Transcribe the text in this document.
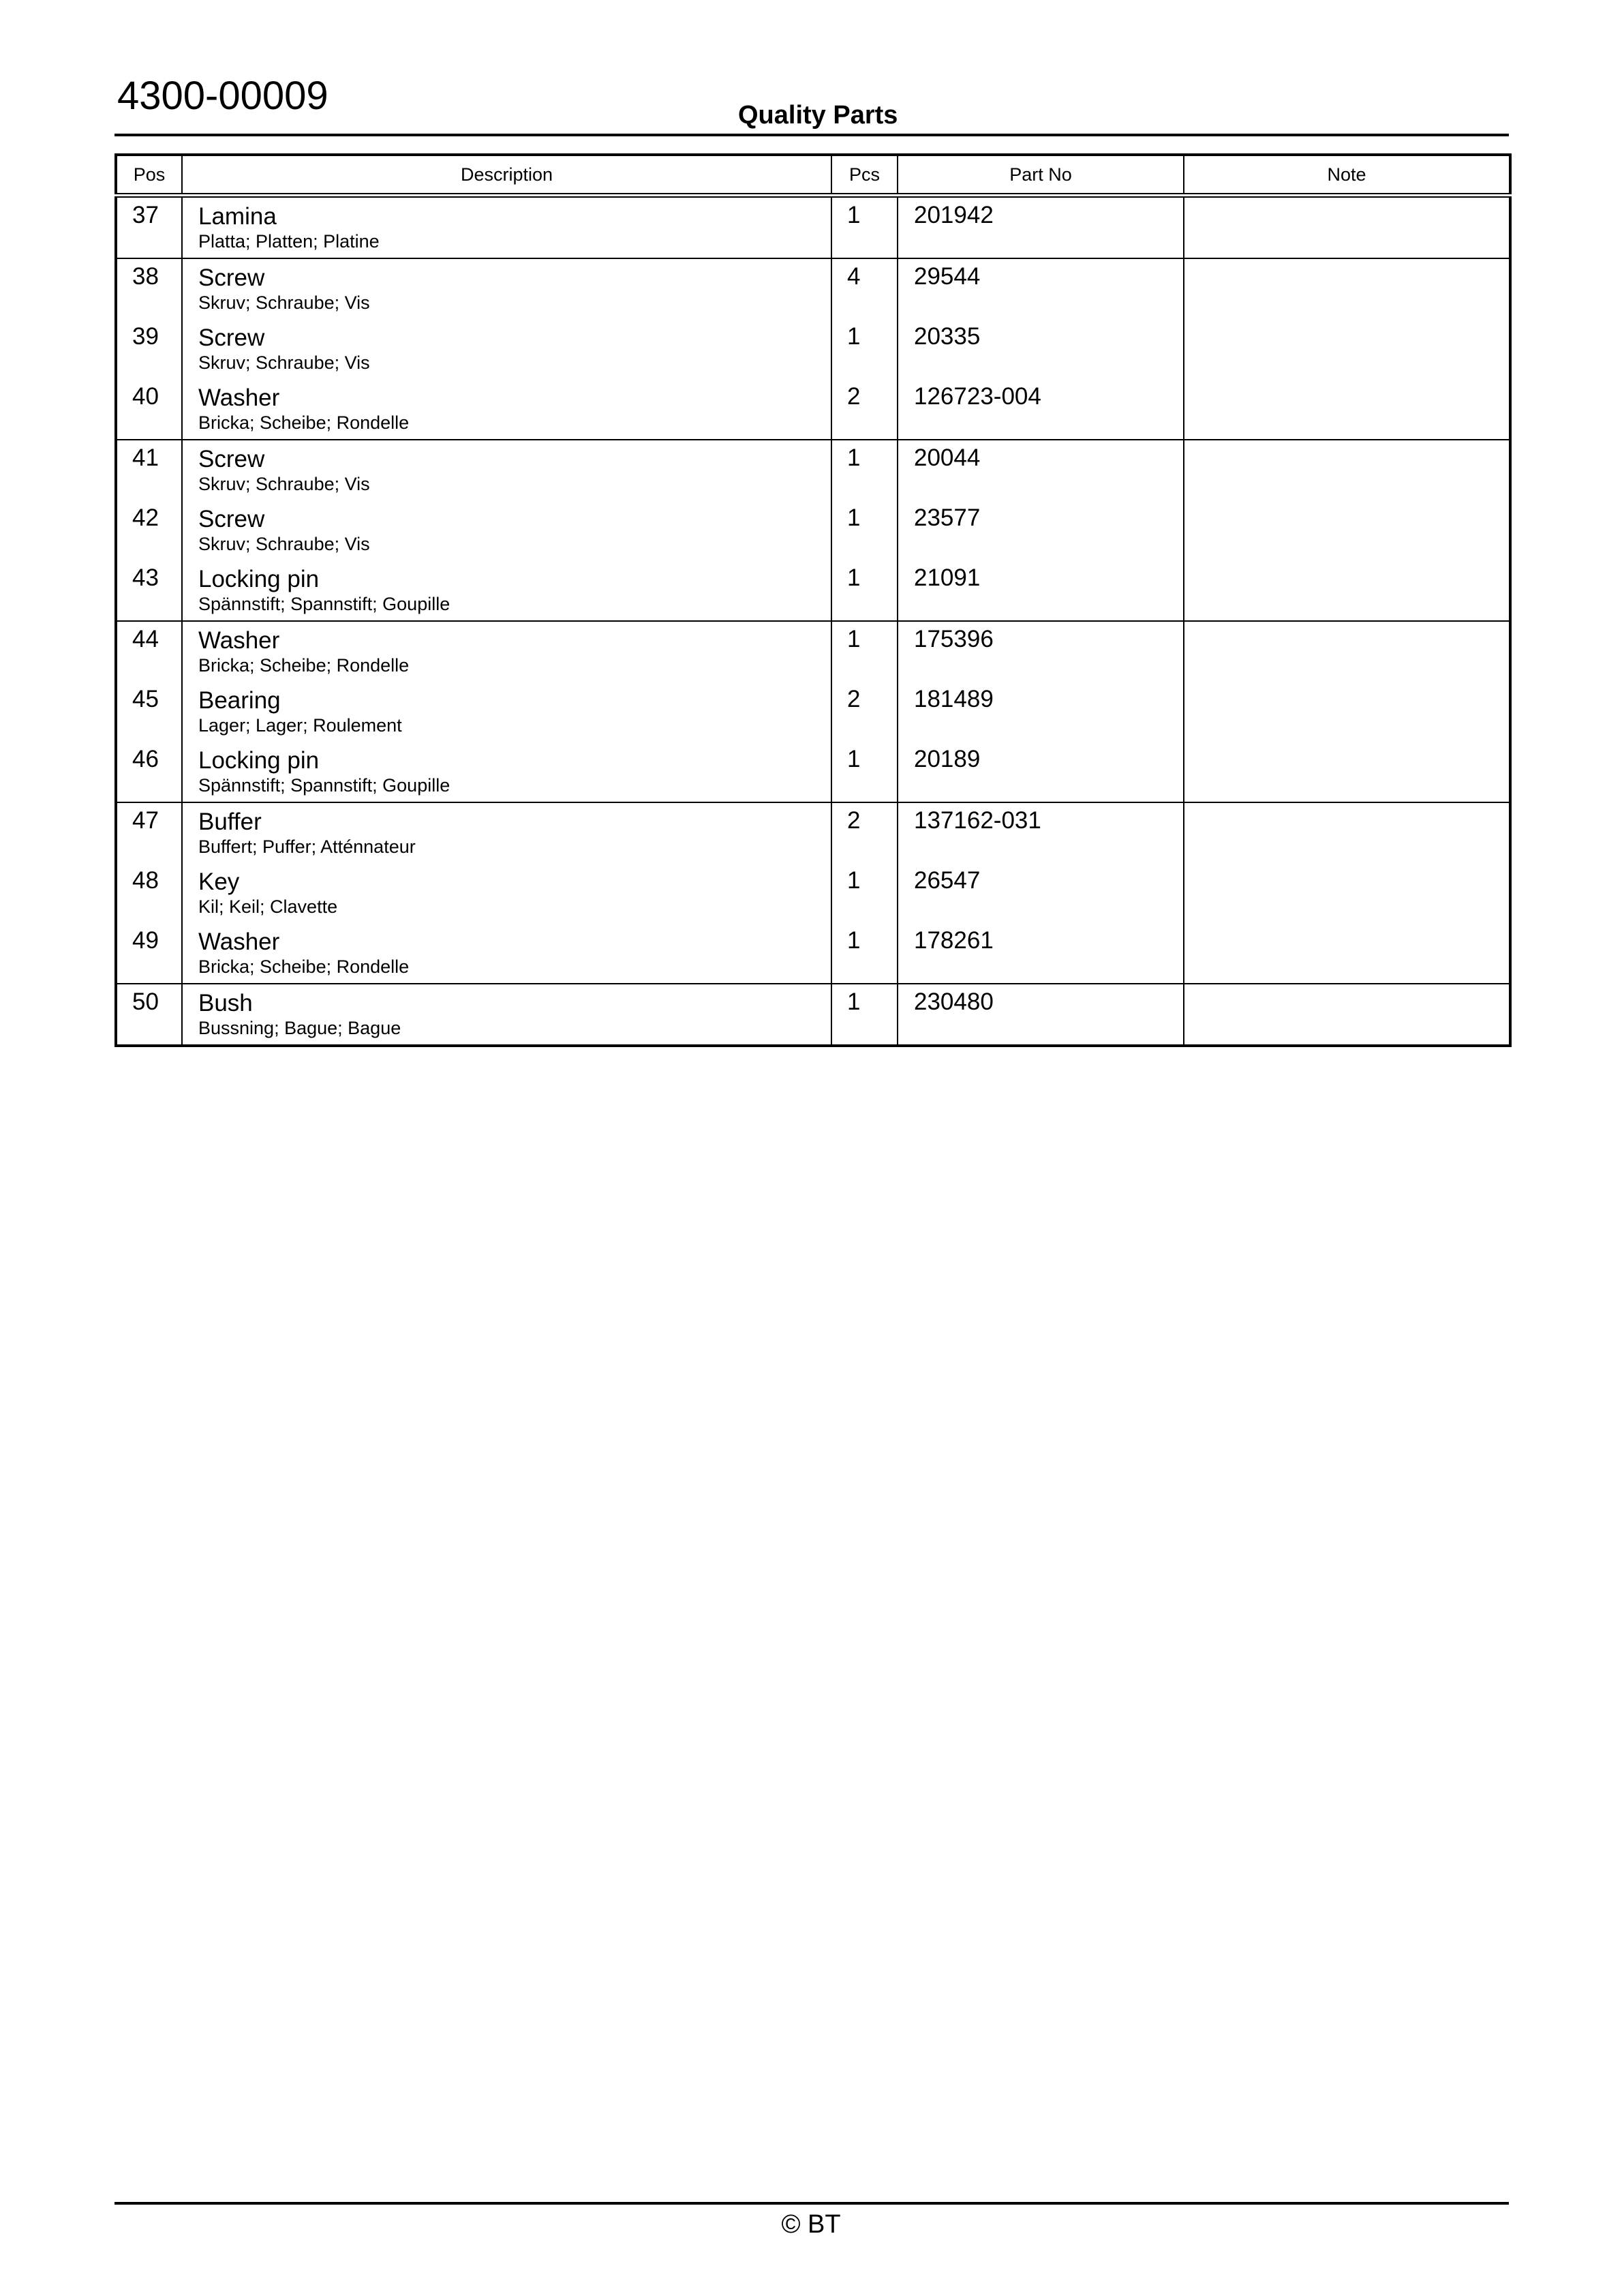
4300-00009	Quality Parts
Pos	Description	Pcs	Part No	Note

37	Lamina
Platta; Platten; Platine	1	201942	

38	Screw
Skruv; Schraube; Vis	4	29544	

39	Screw
Skruv; Schraube; Vis	1	20335	

40	Washer
Bricka; Scheibe; Rondelle	2	126723-004	

41	Screw
Skruv; Schraube; Vis	1	20044	

42	Screw
Skruv; Schraube; Vis	1	23577	

43	Locking pin
Spännstift; Spannstift; Goupille	1	21091	

44	Washer
Bricka; Scheibe; Rondelle	1	175396	

45	Bearing
Lager; Lager; Roulement	2	181489	

46	Locking pin
Spännstift; Spannstift; Goupille	1	20189	

47	Buffer
Buffert; Puffer; Atténnateur	2	137162-031	

48	Key
Kil; Keil; Clavette	1	26547	

49	Washer
Bricka; Scheibe; Rondelle	1	178261	

50	Bush
Bussning; Bague; Bague	1	230480	

© BT
